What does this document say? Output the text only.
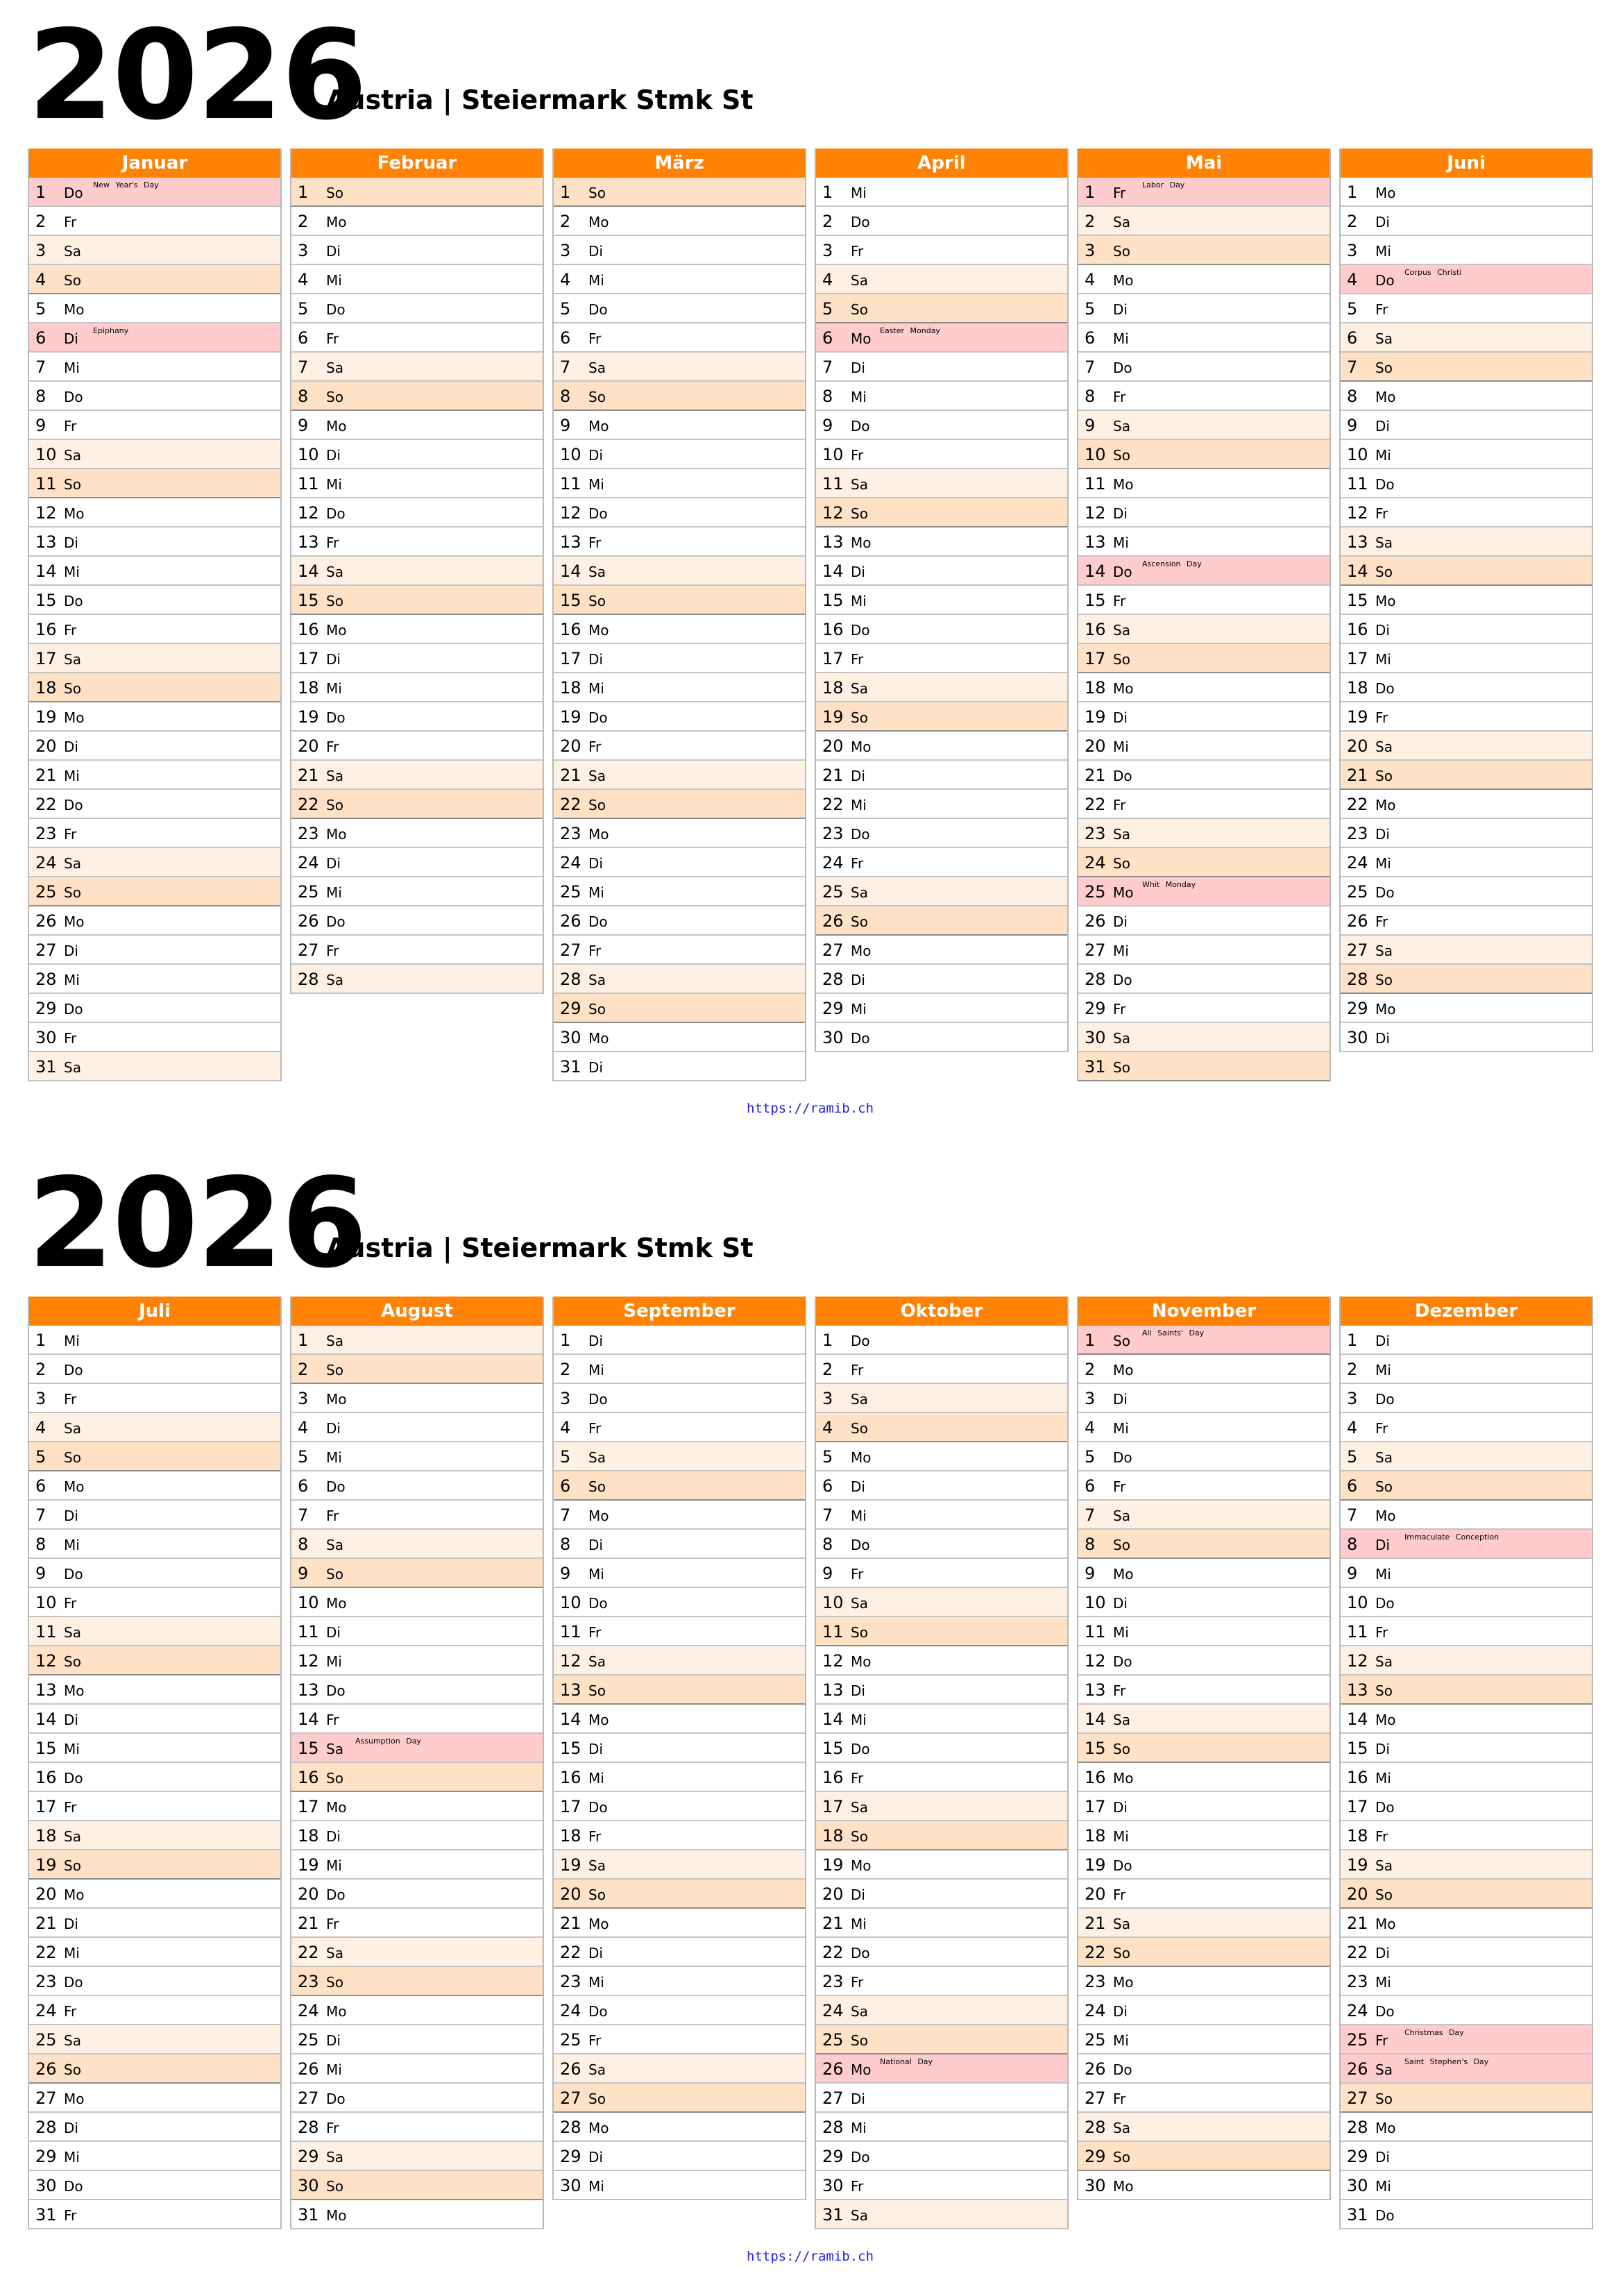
2026
Austria | Steiermark Stmk St
Januar
1 Do New Year's Day
2 Fr
3 Sa
4 So
5 Mo
6 Di Epiphany
7 Mi
8 Do
9 Fr
10 Sa
11 So
12 Mo
13 Di
14 Mi
15 Do
16 Fr
17 Sa
18 So
19 Mo
20 Di
21 Mi
22 Do
23 Fr
24 Sa
25 So
26 Mo
27 Di
28 Mi
29 Do
30 Fr
31 Sa
Februar
1 So
2 Mo
3 Di
4 Mi
5 Do
6 Fr
7 Sa
8 So
9 Mo
10 Di
11 Mi
12 Do
13 Fr
14 Sa
15 So
16 Mo
17 Di
18 Mi
19 Do
20 Fr
21 Sa
22 So
23 Mo
24 Di
25 Mi
26 Do
27 Fr
28 Sa
März
1 So
2 Mo
3 Di
4 Mi
5 Do
6 Fr
7 Sa
8 So
9 Mo
10 Di
11 Mi
12 Do
13 Fr
14 Sa
15 So
16 Mo
17 Di
18 Mi
19 Do
20 Fr
21 Sa
22 So
23 Mo
24 Di
25 Mi
26 Do
27 Fr
28 Sa
29 So
30 Mo
31 Di
April
1 Mi
2 Do
3 Fr
4 Sa
5 So
6 Mo Easter Monday
7 Di
8 Mi
9 Do
10 Fr
11 Sa
12 So
13 Mo
14 Di
15 Mi
16 Do
17 Fr
18 Sa
19 So
20 Mo
21 Di
22 Mi
23 Do
24 Fr
25 Sa
26 So
27 Mo
28 Di
29 Mi
30 Do
Mai
1 Fr Labor Day
2 Sa
3 So
4 Mo
5 Di
6 Mi
7 Do
8 Fr
9 Sa
10 So
11 Mo
12 Di
13 Mi
14 Do Ascension Day
15 Fr
16 Sa
17 So
18 Mo
19 Di
20 Mi
21 Do
22 Fr
23 Sa
24 So
25 Mo Whit Monday
26 Di
27 Mi
28 Do
29 Fr
30 Sa
31 So
Juni
1 Mo
2 Di
3 Mi
4 Do Corpus Christi
5 Fr
6 Sa
7 So
8 Mo
9 Di
10 Mi
11 Do
12 Fr
13 Sa
14 So
15 Mo
16 Di
17 Mi
18 Do
19 Fr
20 Sa
21 So
22 Mo
23 Di
24 Mi
25 Do
26 Fr
27 Sa
28 So
29 Mo
30 Di
https://ramib.ch
2026
Austria | Steiermark Stmk St
Juli
1 Mi
2 Do
3 Fr
4 Sa
5 So
6 Mo
7 Di
8 Mi
9 Do
10 Fr
11 Sa
12 So
13 Mo
14 Di
15 Mi
16 Do
17 Fr
18 Sa
19 So
20 Mo
21 Di
22 Mi
23 Do
24 Fr
25 Sa
26 So
27 Mo
28 Di
29 Mi
30 Do
31 Fr
August
1 Sa
2 So
3 Mo
4 Di
5 Mi
6 Do
7 Fr
8 Sa
9 So
10 Mo
11 Di
12 Mi
13 Do
14 Fr
15 Sa Assumption Day
16 So
17 Mo
18 Di
19 Mi
20 Do
21 Fr
22 Sa
23 So
24 Mo
25 Di
26 Mi
27 Do
28 Fr
29 Sa
30 So
31 Mo
September
1 Di
2 Mi
3 Do
4 Fr
5 Sa
6 So
7 Mo
8 Di
9 Mi
10 Do
11 Fr
12 Sa
13 So
14 Mo
15 Di
16 Mi
17 Do
18 Fr
19 Sa
20 So
21 Mo
22 Di
23 Mi
24 Do
25 Fr
26 Sa
27 So
28 Mo
29 Di
30 Mi
Oktober
1 Do
2 Fr
3 Sa
4 So
5 Mo
6 Di
7 Mi
8 Do
9 Fr
10 Sa
11 So
12 Mo
13 Di
14 Mi
15 Do
16 Fr
17 Sa
18 So
19 Mo
20 Di
21 Mi
22 Do
23 Fr
24 Sa
25 So
26 Mo National Day
27 Di
28 Mi
29 Do
30 Fr
31 Sa
November
1 So All Saints' Day
2 Mo
3 Di
4 Mi
5 Do
6 Fr
7 Sa
8 So
9 Mo
10 Di
11 Mi
12 Do
13 Fr
14 Sa
15 So
16 Mo
17 Di
18 Mi
19 Do
20 Fr
21 Sa
22 So
23 Mo
24 Di
25 Mi
26 Do
27 Fr
28 Sa
29 So
30 Mo
Dezember
1 Di
2 Mi
3 Do
4 Fr
5 Sa
6 So
7 Mo
8 Di Immaculate Conception
9 Mi
10 Do
11 Fr
12 Sa
13 So
14 Mo
15 Di
16 Mi
17 Do
18 Fr
19 Sa
20 So
21 Mo
22 Di
23 Mi
24 Do
25 Fr Christmas Day
26 Sa Saint Stephen's Day
27 So
28 Mo
29 Di
30 Mi
31 Do
https://ramib.ch
